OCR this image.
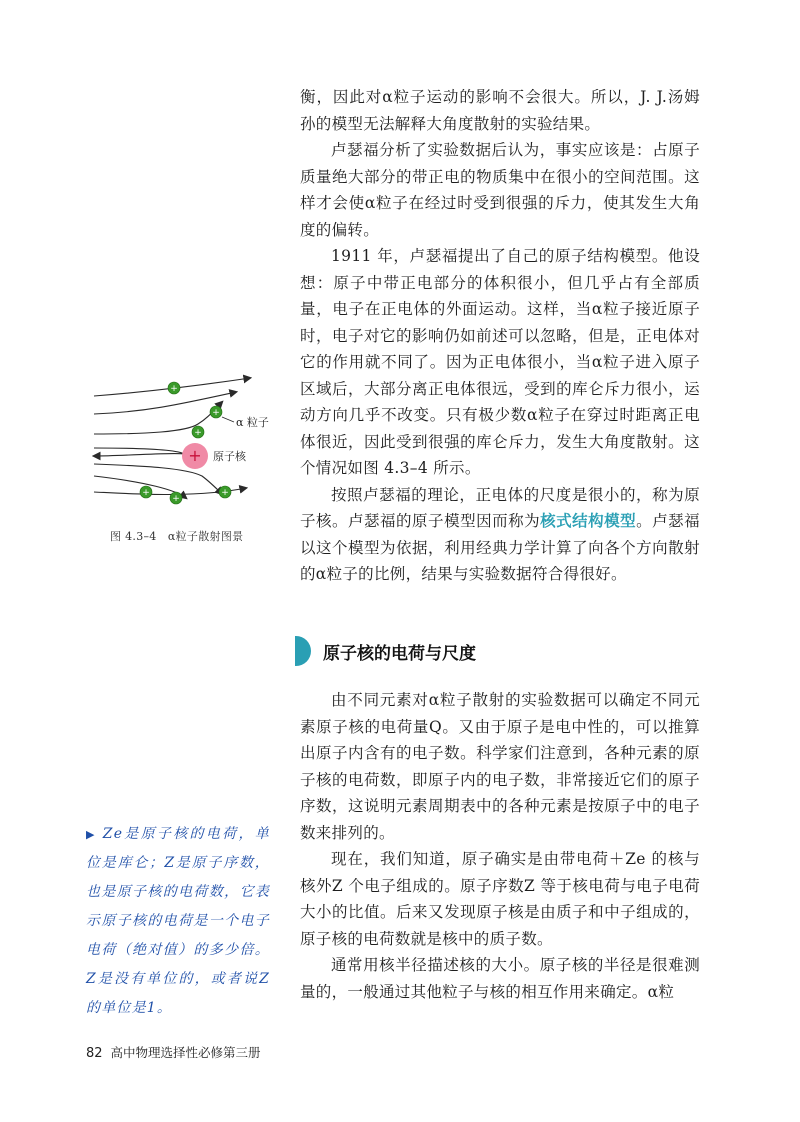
衡，因此对α粒子运动的影响不会很大。所以，J. J.汤姆孙的模型无法解释大角度散射的实验结果。

卢瑟福分析了实验数据后认为，事实应该是：占原子质量绝大部分的带正电的物质集中在很小的空间范围。这样才会使α粒子在经过时受到很强的斥力，使其发生大角度的偏转。

1911 年，卢瑟福提出了自己的原子结构模型。他设想：原子中带正电部分的体积很小，但几乎占有全部质量，电子在正电体的外面运动。这样，当α粒子接近原子时，电子对它的影响仍如前述可以忽略，但是，正电体对它的作用就不同了。因为正电体很小，当α粒子进入原子区域后，大部分离正电体很远，受到的库仑斥力很小，运动方向几乎不改变。只有极少数α粒子在穿过时距离正电体很近，因此受到很强的库仑斥力，发生大角度散射。这个情况如图 4.3–4 所示。

按照卢瑟福的理论，正电体的尺度是很小的，称为原子核。卢瑟福的原子模型因而称为核式结构模型。卢瑟福以这个模型为依据，利用经典力学计算了向各个方向散射的α粒子的比例，结果与实验数据符合得很好。

原子核的电荷与尺度

由不同元素对α粒子散射的实验数据可以确定不同元素原子核的电荷量Q。又由于原子是电中性的，可以推算出原子内含有的电子数。科学家们注意到，各种元素的原子核的电荷数，即原子内的电子数，非常接近它们的原子序数，这说明元素周期表中的各种元素是按原子中的电子数来排列的。

现在，我们知道，原子确实是由带电荷＋Ze 的核与核外Z 个电子组成的。原子序数Z 等于核电荷与电子电荷大小的比值。后来又发现原子核是由质子和中子组成的，原子核的电荷数就是核中的质子数。

通常用核半径描述核的大小。原子核的半径是很难测量的，一般通过其他粒子与核的相互作用来确定。α粒

+
+
+
+
+
+
+
α 粒子
原子核
图 4.3–4　α粒子散射图景
▶ Ze是原子核的电荷，单位是库仑；Z是原子序数，也是原子核的电荷数，它表示原子核的电荷是一个电子电荷（绝对值）的多少倍。Z是没有单位的，或者说Z的单位是1。
82 高中物理选择性必修第三册
